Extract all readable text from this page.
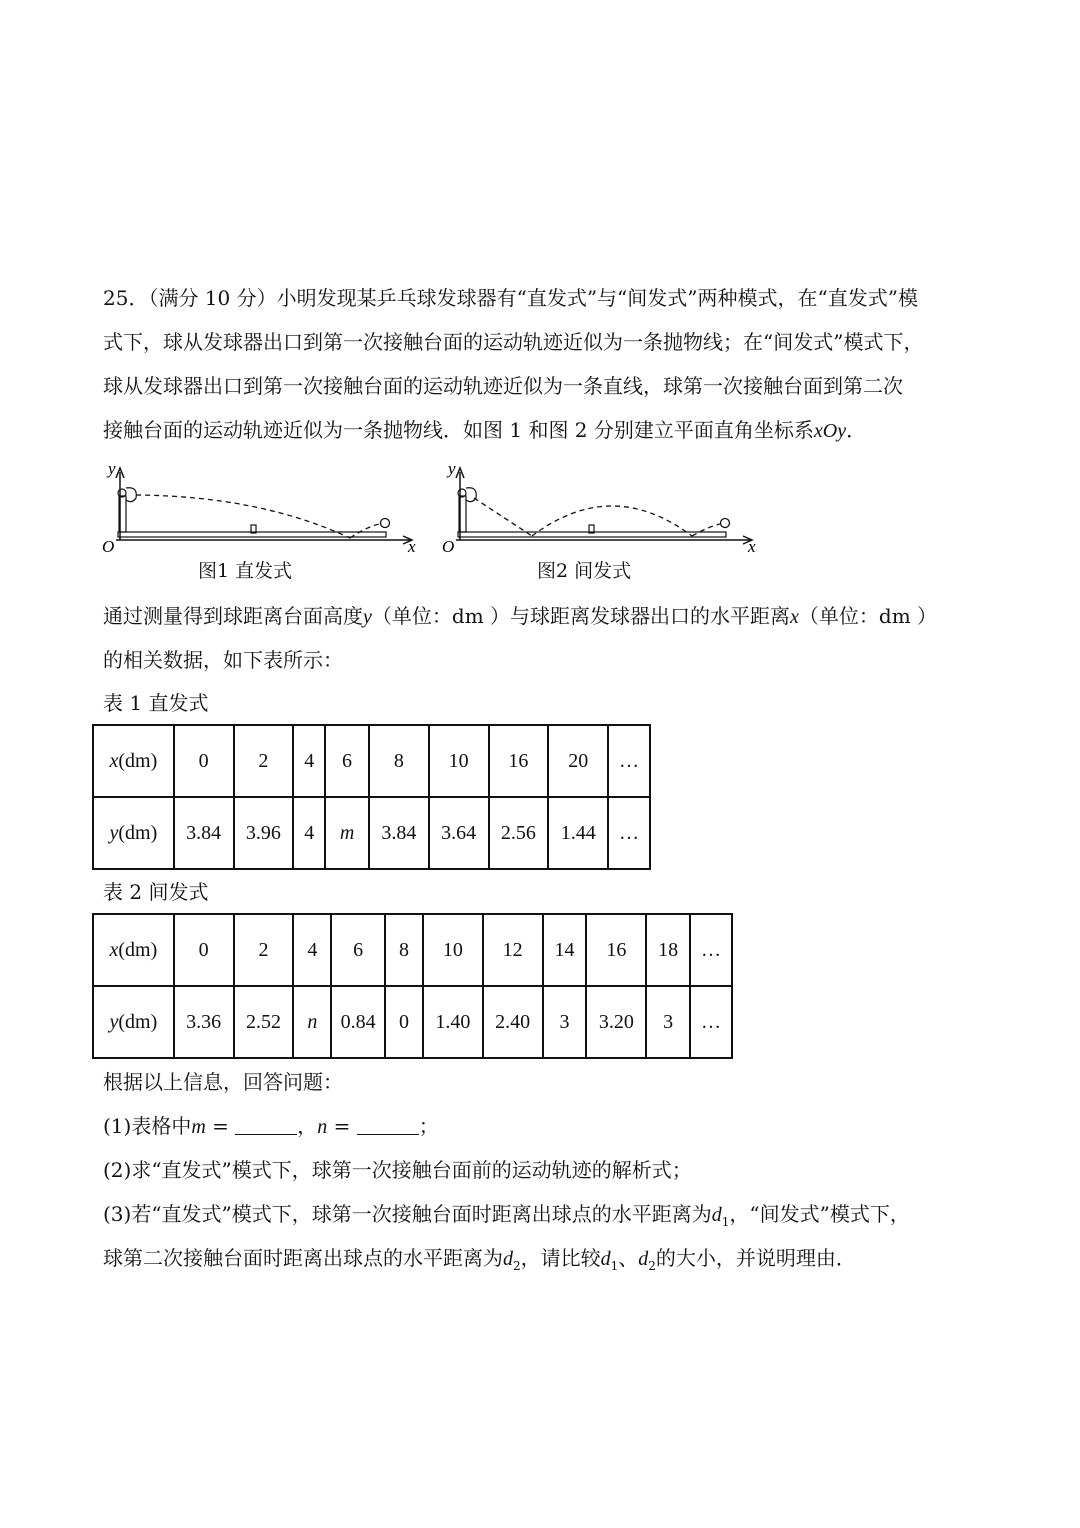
25．（满分 10 分）小明发现某乒乓球发球器有“直发式”与“间发式”两种模式，在“直发式”模
式下，球从发球器出口到第一次接触台面的运动轨迹近似为一条抛物线；在“间发式”模式下，
球从发球器出口到第一次接触台面的运动轨迹近似为一条直线，球第一次接触台面到第二次
接触台面的运动轨迹近似为一条抛物线．如图 1 和图 2 分别建立平面直角坐标系xOy．
y
O	x
图1 直发式
y
O	x
图2 间发式
通过测量得到球距离台面高度y（单位：dm ）与球距离发球器出口的水平距离x（单位：dm ）
的相关数据，如下表所示：
表 1 直发式
x(dm)	0	2	4	6	8	10	16	20	…
y(dm)	3.84	3.96	4	m	3.84	3.64	2.56	1.44	…
表 2 间发式
x(dm)	0	2	4	6	8	10	12	14	16	18	…
y(dm)	3.36	2.52	n	0.84	0	1.40	2.40	3	3.20	3	…
根据以上信息，回答问题：
(1)表格中m =	，n =	；
(2)求“直发式”模式下，球第一次接触台面前的运动轨迹的解析式；
(3)若“直发式”模式下，球第一次接触台面时距离出球点的水平距离为$d_1$，“间发式”模式下，
球第二次接触台面时距离出球点的水平距离为$d_2$，请比较$d_1$、$d_2$的大小，并说明理由．
